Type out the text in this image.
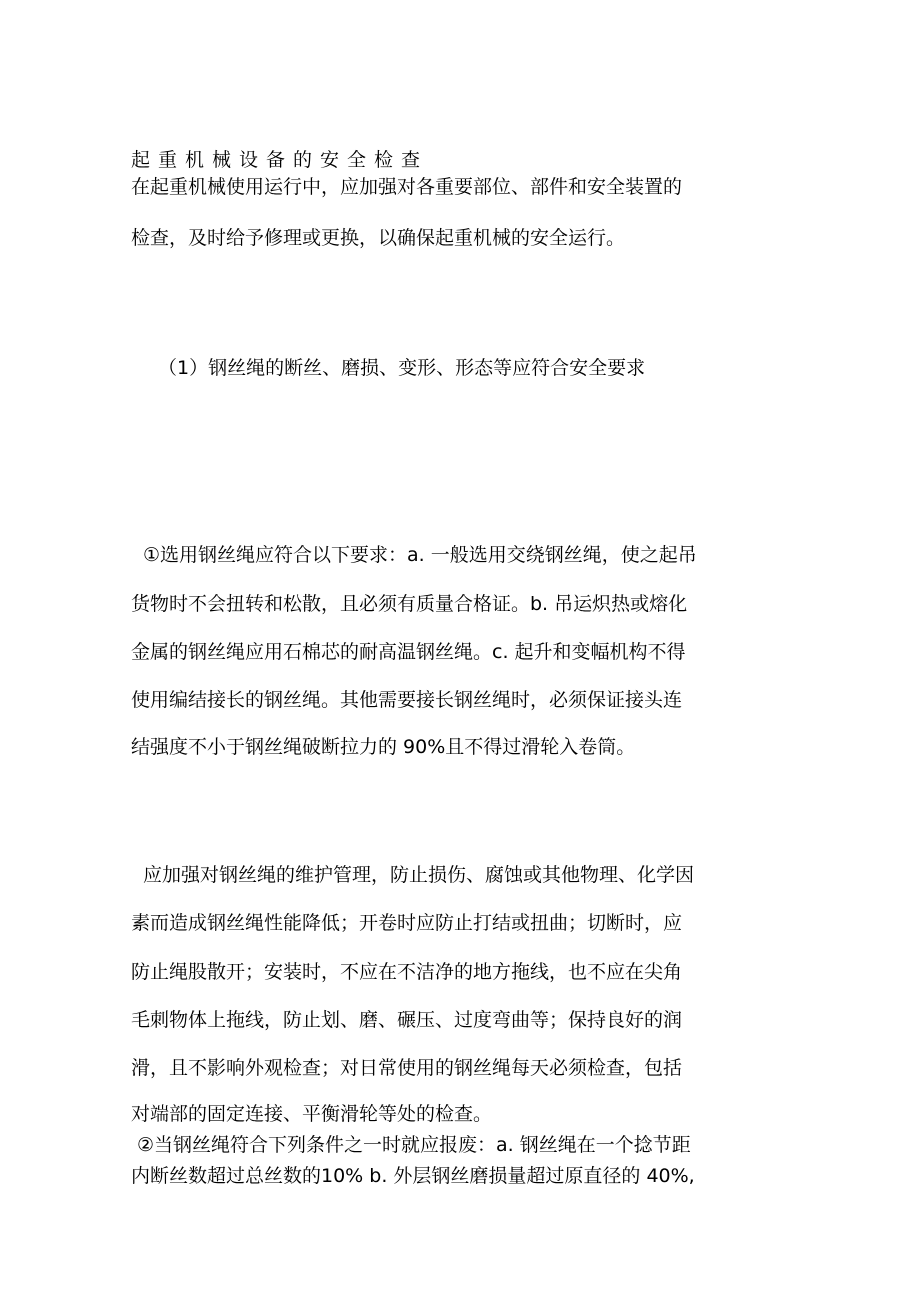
起重机械设备的安全检查
在起重机械使用运行中，应加强对各重要部位、部件和安全装置的
检查，及时给予修理或更换，以确保起重机械的安全运行。
（1）钢丝绳的断丝、磨损、变形、形态等应符合安全要求
①选用钢丝绳应符合以下要求：a. 一般选用交绕钢丝绳，使之起吊
货物时不会扭转和松散，且必须有质量合格证。b. 吊运炽热或熔化
金属的钢丝绳应用石棉芯的耐高温钢丝绳。c. 起升和变幅机构不得
使用编结接长的钢丝绳。其他需要接长钢丝绳时，必须保证接头连
结强度不小于钢丝绳破断拉力的 90%且不得过滑轮入卷筒。
应加强对钢丝绳的维护管理，防止损伤、腐蚀或其他物理、化学因
素而造成钢丝绳性能降低；开卷时应防止打结或扭曲；切断时，应
防止绳股散开；安装时，不应在不洁净的地方拖线，也不应在尖角
毛刺物体上拖线，防止划、磨、碾压、过度弯曲等；保持良好的润
滑，且不影响外观检查；对日常使用的钢丝绳每天必须检查，包括
对端部的固定连接、平衡滑轮等处的检查。
②当钢丝绳符合下列条件之一时就应报废：a. 钢丝绳在一个捻节距
内断丝数超过总丝数的10% b. 外层钢丝磨损量超过原直径的 40%,
